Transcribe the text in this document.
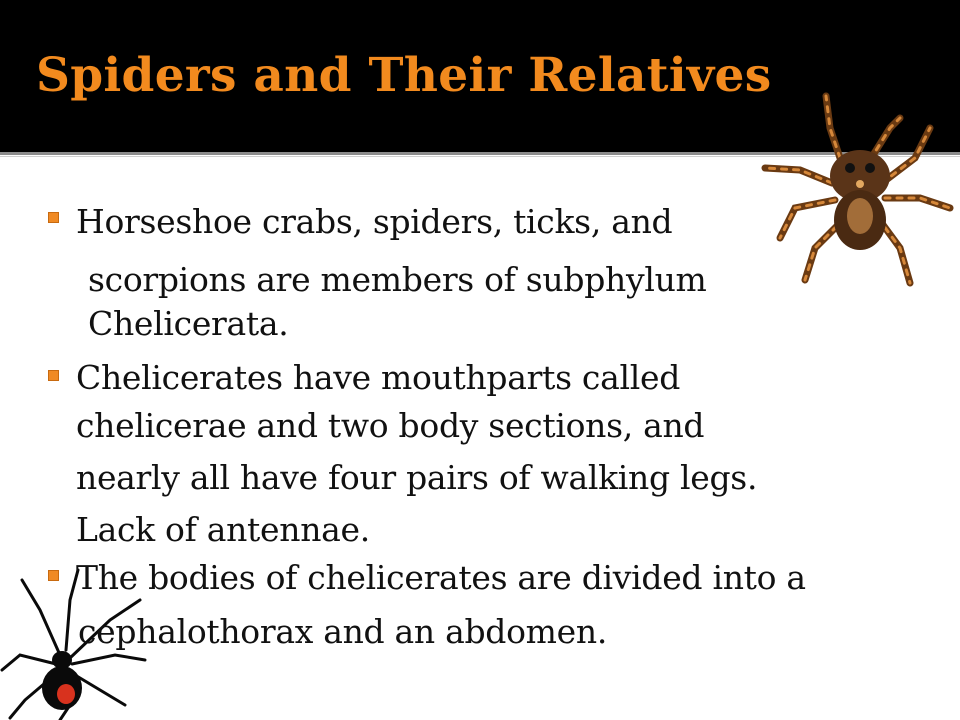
Spiders and Their Relatives

Horseshoe crabs, spiders, ticks, and

scorpions are members of subphylum

Chelicerata.

Chelicerates have mouthparts called

chelicerae and two body sections, and

nearly all have four pairs of walking legs.

Lack of antennae.

The bodies of chelicerates are divided into a

cephalothorax and an abdomen.
